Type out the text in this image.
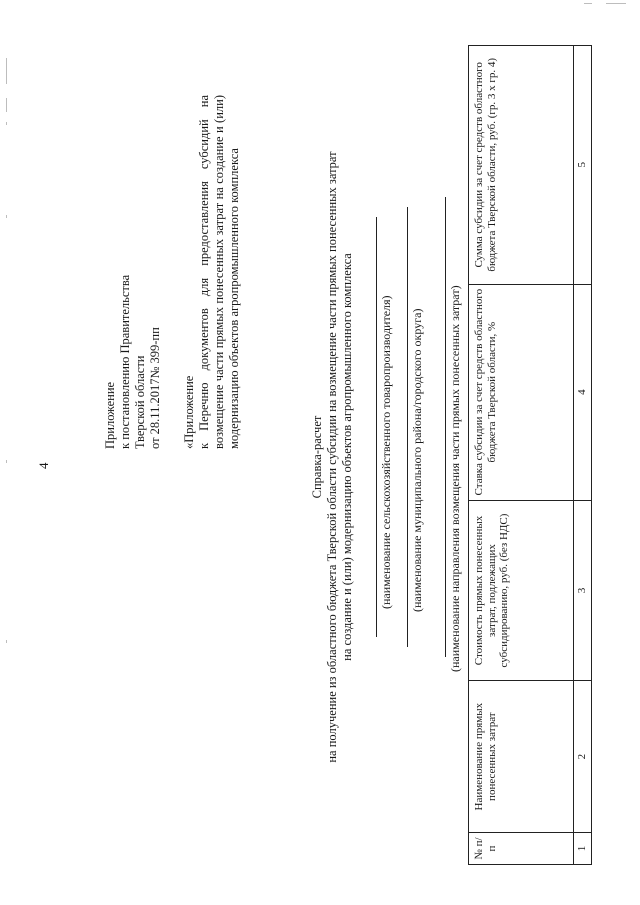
4
Приложение к постановлению Правительства Тверской области от 28.11.2017№ 399-пп «Приложение к Перечню документов для предоставления субсидий на возмещение части прямых понесенных затрат на создание и (или) модернизацию объектов агропромышленного комплекса
Справка-расчет на получение из областного бюджета Тверской области субсидии на возмещение части прямых понесенных затрат на создание и (или) модернизацию объектов агропромышленного комплекса (наименование сельскохозяйственного товаропроизводителя) (наименование муниципального района/городского округа) (наименование направления возмещения части прямых понесенных затрат)
№ п/п	Наименование прямых понесенных затрат	Стоимость прямых понесенных затрат, подлежащих субсидированию, руб. (без НДС)	Ставка субсидии за счет средств областного бюджета Тверской области, %	Сумма субсидии за счет средств областного бюджета Тверской области, руб. (гр. 3 х гр. 4)
1	2	3	4	5
